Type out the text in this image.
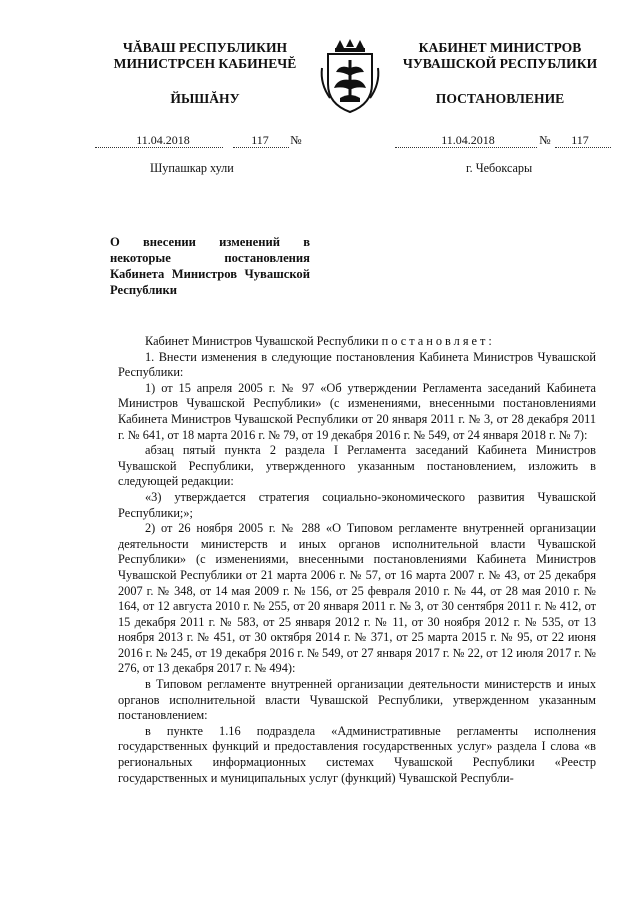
ЧĂВАШ РЕСПУБЛИКИН
МИНИСТРСЕН КАБИНЕЧĔ
ЙЫШĂНУ
КАБИНЕТ МИНИСТРОВ
ЧУВАШСКОЙ РЕСПУБЛИКИ
ПОСТАНОВЛЕНИЕ
11.04.2018	117	№	11.04.2018	№	117
Шупашкар хули	г. Чебоксары
О внесении изменений в некоторые постановления Кабинета Министров Чувашской Республики

Кабинет Министров Чувашской Республики постановляет:

1. Внести изменения в следующие постановления Кабинета Министров Чувашской Республики:

1) от 15 апреля 2005 г. № 97 «Об утверждении Регламента заседаний Кабинета Министров Чувашской Республики» (с изменениями, внесенными постановлениями Кабинета Министров Чувашской Республики от 20 января 2011 г. № 3, от 28 декабря 2011 г. № 641, от 18 марта 2016 г. № 79, от 19 декабря 2016 г. № 549, от 24 января 2018 г. № 7):

абзац пятый пункта 2 раздела I Регламента заседаний Кабинета Министров Чувашской Республики, утвержденного указанным постановлением, изложить в следующей редакции:

«3) утверждается стратегия социально-экономического развития Чувашской Республики;»;

2) от 26 ноября 2005 г. № 288 «О Типовом регламенте внутренней организации деятельности министерств и иных органов исполнительной власти Чувашской Республики» (с изменениями, внесенными постановлениями Кабинета Министров Чувашской Республики от 21 марта 2006 г. № 57, от 16 марта 2007 г. № 43, от 25 декабря 2007 г. № 348, от 14 мая 2009 г. № 156, от 25 февраля 2010 г. № 44, от 28 мая 2010 г. № 164, от 12 августа 2010 г. № 255, от 20 января 2011 г. № 3, от 30 сентября 2011 г. № 412, от 15 декабря 2011 г. № 583, от 25 января 2012 г. № 11, от 30 ноября 2012 г. № 535, от 13 ноября 2013 г. № 451, от 30 октября 2014 г. № 371, от 25 марта 2015 г. № 95, от 22 июня 2016 г. № 245, от 19 декабря 2016 г. № 549, от 27 января 2017 г. № 22, от 12 июля 2017 г. № 276, от 13 декабря 2017 г. № 494):

в Типовом регламенте внутренней организации деятельности министерств и иных органов исполнительной власти Чувашской Республики, утвержденном указанным постановлением:

в пункте 1.16 подраздела «Административные регламенты исполнения государственных функций и предоставления государственных услуг» раздела I слова «в региональных информационных системах Чувашской Республики «Реестр государственных и муниципальных услуг (функций) Чувашской Республи-
